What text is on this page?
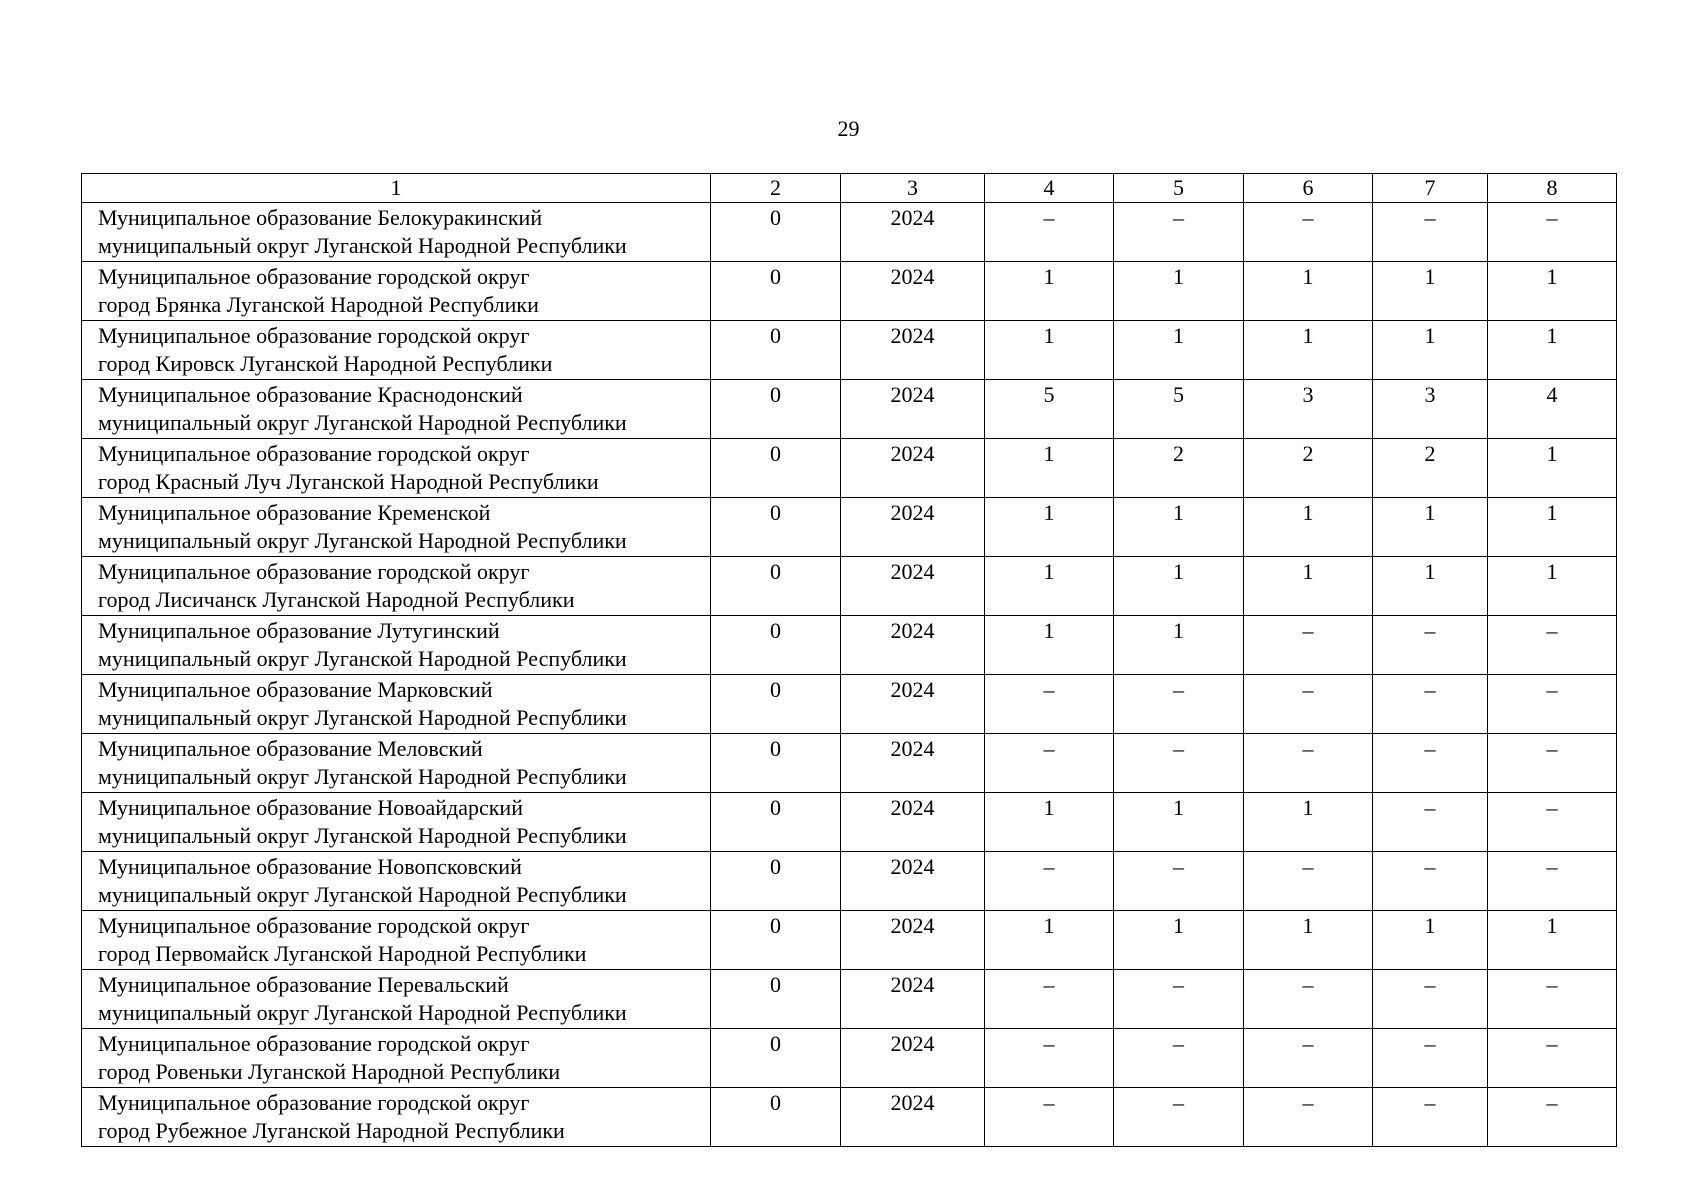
29
1	2	3	4	5	6	7	8

Муниципальное образование Белокуракинский
муниципальный округ Луганской Народной Республики	0	2024	–	–	–	–	–

Муниципальное образование городской округ
город Брянка Луганской Народной Республики	0	2024	1	1	1	1	1

Муниципальное образование городской округ
город Кировск Луганской Народной Республики	0	2024	1	1	1	1	1

Муниципальное образование Краснодонский
муниципальный округ Луганской Народной Республики	0	2024	5	5	3	3	4

Муниципальное образование городской округ
город Красный Луч Луганской Народной Республики	0	2024	1	2	2	2	1

Муниципальное образование Кременской
муниципальный округ Луганской Народной Республики	0	2024	1	1	1	1	1

Муниципальное образование городской округ
город Лисичанск Луганской Народной Республики	0	2024	1	1	1	1	1

Муниципальное образование Лутугинский
муниципальный округ Луганской Народной Республики	0	2024	1	1	–	–	–

Муниципальное образование Марковский
муниципальный округ Луганской Народной Республики	0	2024	–	–	–	–	–

Муниципальное образование Меловский
муниципальный округ Луганской Народной Республики	0	2024	–	–	–	–	–

Муниципальное образование Новоайдарский
муниципальный округ Луганской Народной Республики	0	2024	1	1	1	–	–

Муниципальное образование Новопсковский
муниципальный округ Луганской Народной Республики	0	2024	–	–	–	–	–

Муниципальное образование городской округ
город Первомайск Луганской Народной Республики	0	2024	1	1	1	1	1

Муниципальное образование Перевальский
муниципальный округ Луганской Народной Республики	0	2024	–	–	–	–	–

Муниципальное образование городской округ
город Ровеньки Луганской Народной Республики	0	2024	–	–	–	–	–

Муниципальное образование городской округ
город Рубежное Луганской Народной Республики	0	2024	–	–	–	–	–
